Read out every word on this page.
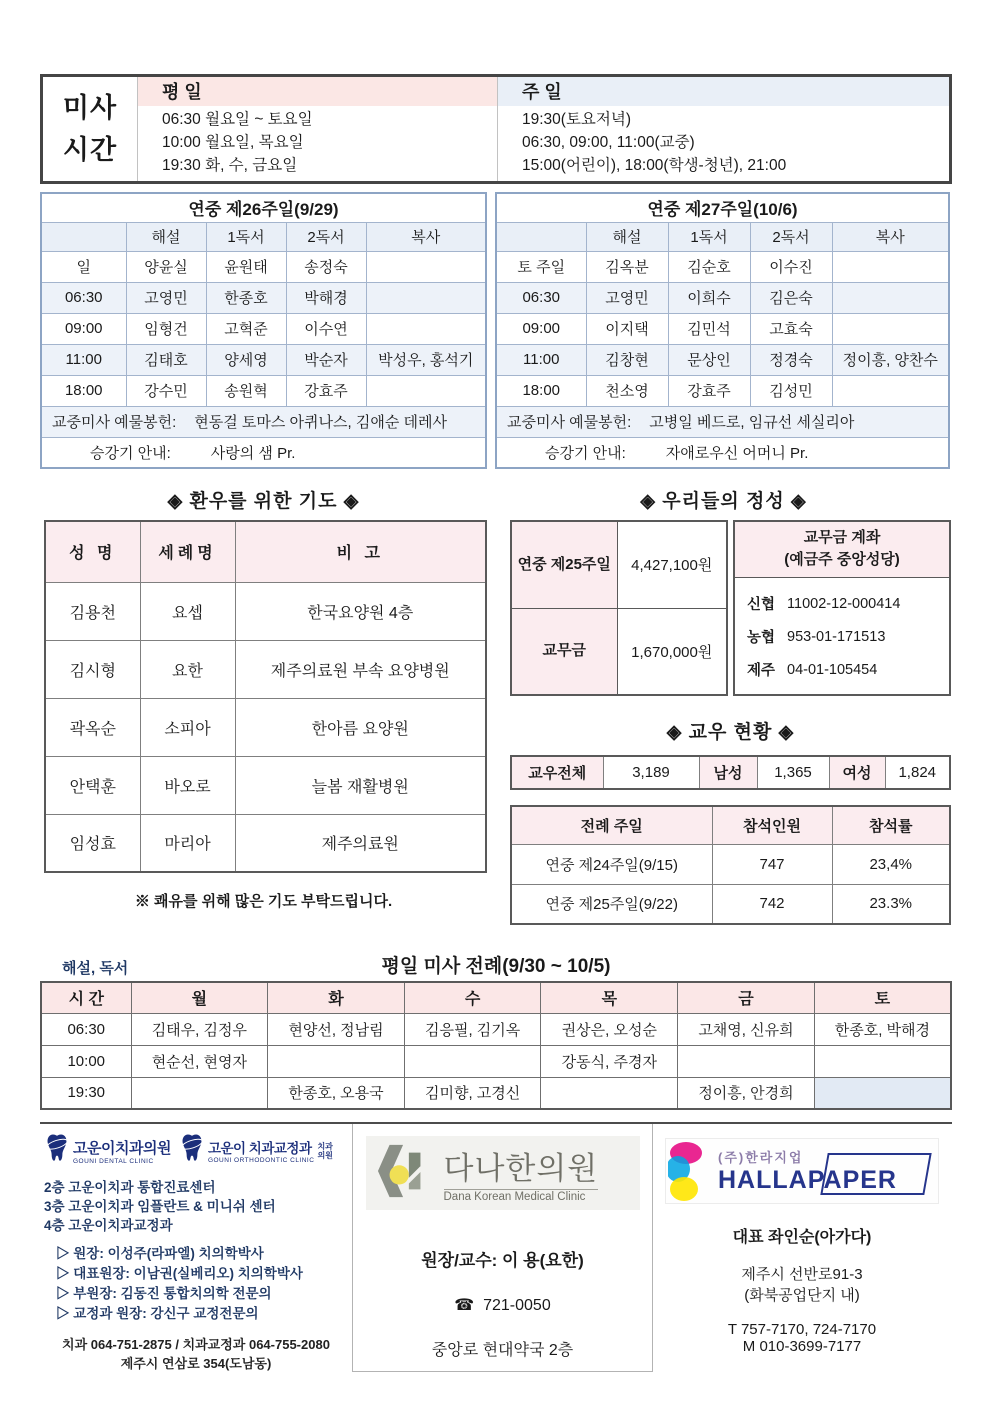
미사
시간

평 일
06:30 월요일 ~ 토요일
10:00 월요일, 목요일
19:30 화, 수, 금요일

주 일
19:30(토요저녁)
06:30, 09:00, 11:00(교중)
15:00(어린이), 18:00(학생-청년), 21:00
연중 제26주일(9/29)				
	해설	1독서	2독서	복사
일	양윤실	윤원태	송정숙	
06:30	고영민	한종호	박해경	
09:00	임형건	고혁준	이수연	
11:00	김태호	양세영	박순자	박성우, 홍석기
18:00	강수민	송원혁	강효주	
교중미사 예물봉헌: 현동걸 토마스 아퀴나스, 김애순 데레사				
승강기 안내: 사랑의 샘 Pr.				
연중 제27주일(10/6)				
	해설	1독서	2독서	복사
토 주일	김옥분	김순호	이수진	
06:30	고영민	이희수	김은숙	
09:00	이지택	김민석	고효숙	
11:00	김창현	문상인	정경숙	정이흥, 양찬수
18:00	천소영	강효주	김성민	
교중미사 예물봉헌: 고병일 베드로, 임규선 세실리아				
승강기 안내: 자애로우신 어머니 Pr.				
◈ 환우를 위한 기도 ◈	◈ 우리들의 정성 ◈
성 명	세례명	비 고
김용천	요셉	한국요양원 4층
김시형	요한	제주의료원 부속 요양병원
곽옥순	소피아	한아름 요양원
안택훈	바오로	늘봄 재활병원
임성효	마리아	제주의료원
※ 쾌유를 위해 많은 기도 부탁드립니다.
연중 제25주일	4,427,100원
교무금	1,670,000원
교무금 계좌
(예금주 중앙성당)
신협	11002-12-000414
농협	953-01-171513
제주	04-01-105454
◈ 교우 현황 ◈
교우전체	3,189	남성	1,365	여성	1,824
전례 주일	참석인원	참석률
연중 제24주일(9/15)	747	23,4%
연중 제25주일(9/22)	742	23.3%
해설, 독서	평일 미사 전례(9/30 ~ 10/5)
시 간	월	화	수	목	금	토
06:30	김태우, 김정우	현양선, 정남림	김응필, 김기옥	권상은, 오성순	고채영, 신유희	한종호, 박해경
10:00	현순선, 현영자			강동식, 주경자		
19:30		한종호, 오용국	김미향, 고경신		정이흥, 안경희	
고운이치과의원
GOUNI DENTAL CLINIC
고운이 치과교정과
GOUNI ORTHODONTIC CLINIC
치과의원
2층 고운이치과 통합진료센터
3층 고운이치과 임플란트 & 미니쉬 센터
4층 고운이치과교정과
▷ 원장: 이성주(라파엘) 치의학박사
▷ 대표원장: 이남권(실베리오) 치의학박사
▷ 부원장: 김동진 통합치의학 전문의
▷ 교정과 원장: 강신구 교정전문의
치과 064-751-2875 / 치과교정과 064-755-2080
제주시 연삼로 354(도남동)
다나한의원
Dana Korean Medical Clinic
원장/교수: 이 용(요한)
☎ 721-0050
중앙로 현대약국 2층
(주)한라지업
HALLAPAPER
대표 좌인순(아가다)
제주시 선반로91-3
(화북공업단지 내)
T 757-7170, 724-7170
M 010-3699-7177
